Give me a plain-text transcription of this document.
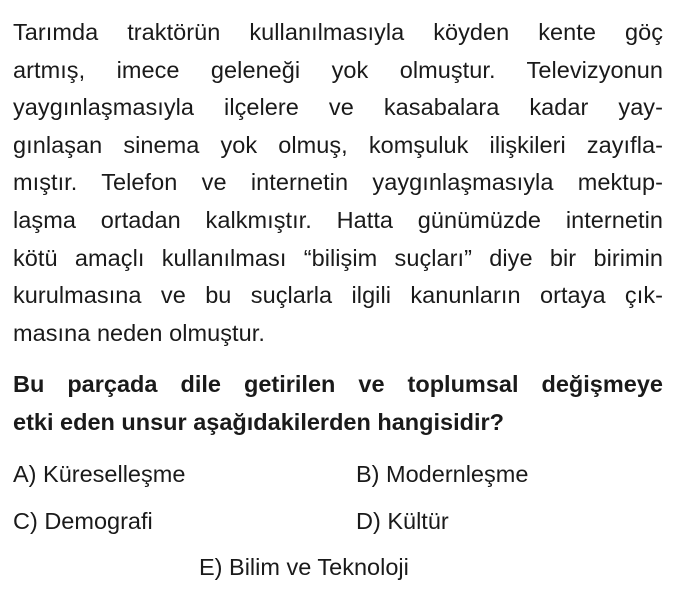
Tarımda traktörün kullanılmasıyla köyden kente göç
artmış, imece geleneği yok olmuştur. Televizyonun
yaygınlaşmasıyla ilçelere ve kasabalara kadar yay-
gınlaşan sinema yok olmuş, komşuluk ilişkileri zayıfla-
mıştır. Telefon ve internetin yaygınlaşmasıyla mektup-
laşma ortadan kalkmıştır. Hatta günümüzde internetin
kötü amaçlı kullanılması “bilişim suçları” diye bir birimin
kurulmasına ve bu suçlarla ilgili kanunların ortaya çık-
masına neden olmuştur.
Bu parçada dile getirilen ve toplumsal değişmeye
etki eden unsur aşağıdakilerden hangisidir?
A) Küreselleşme	B) Modernleşme
C) Demografi	D) Kültür
E) Bilim ve Teknoloji
